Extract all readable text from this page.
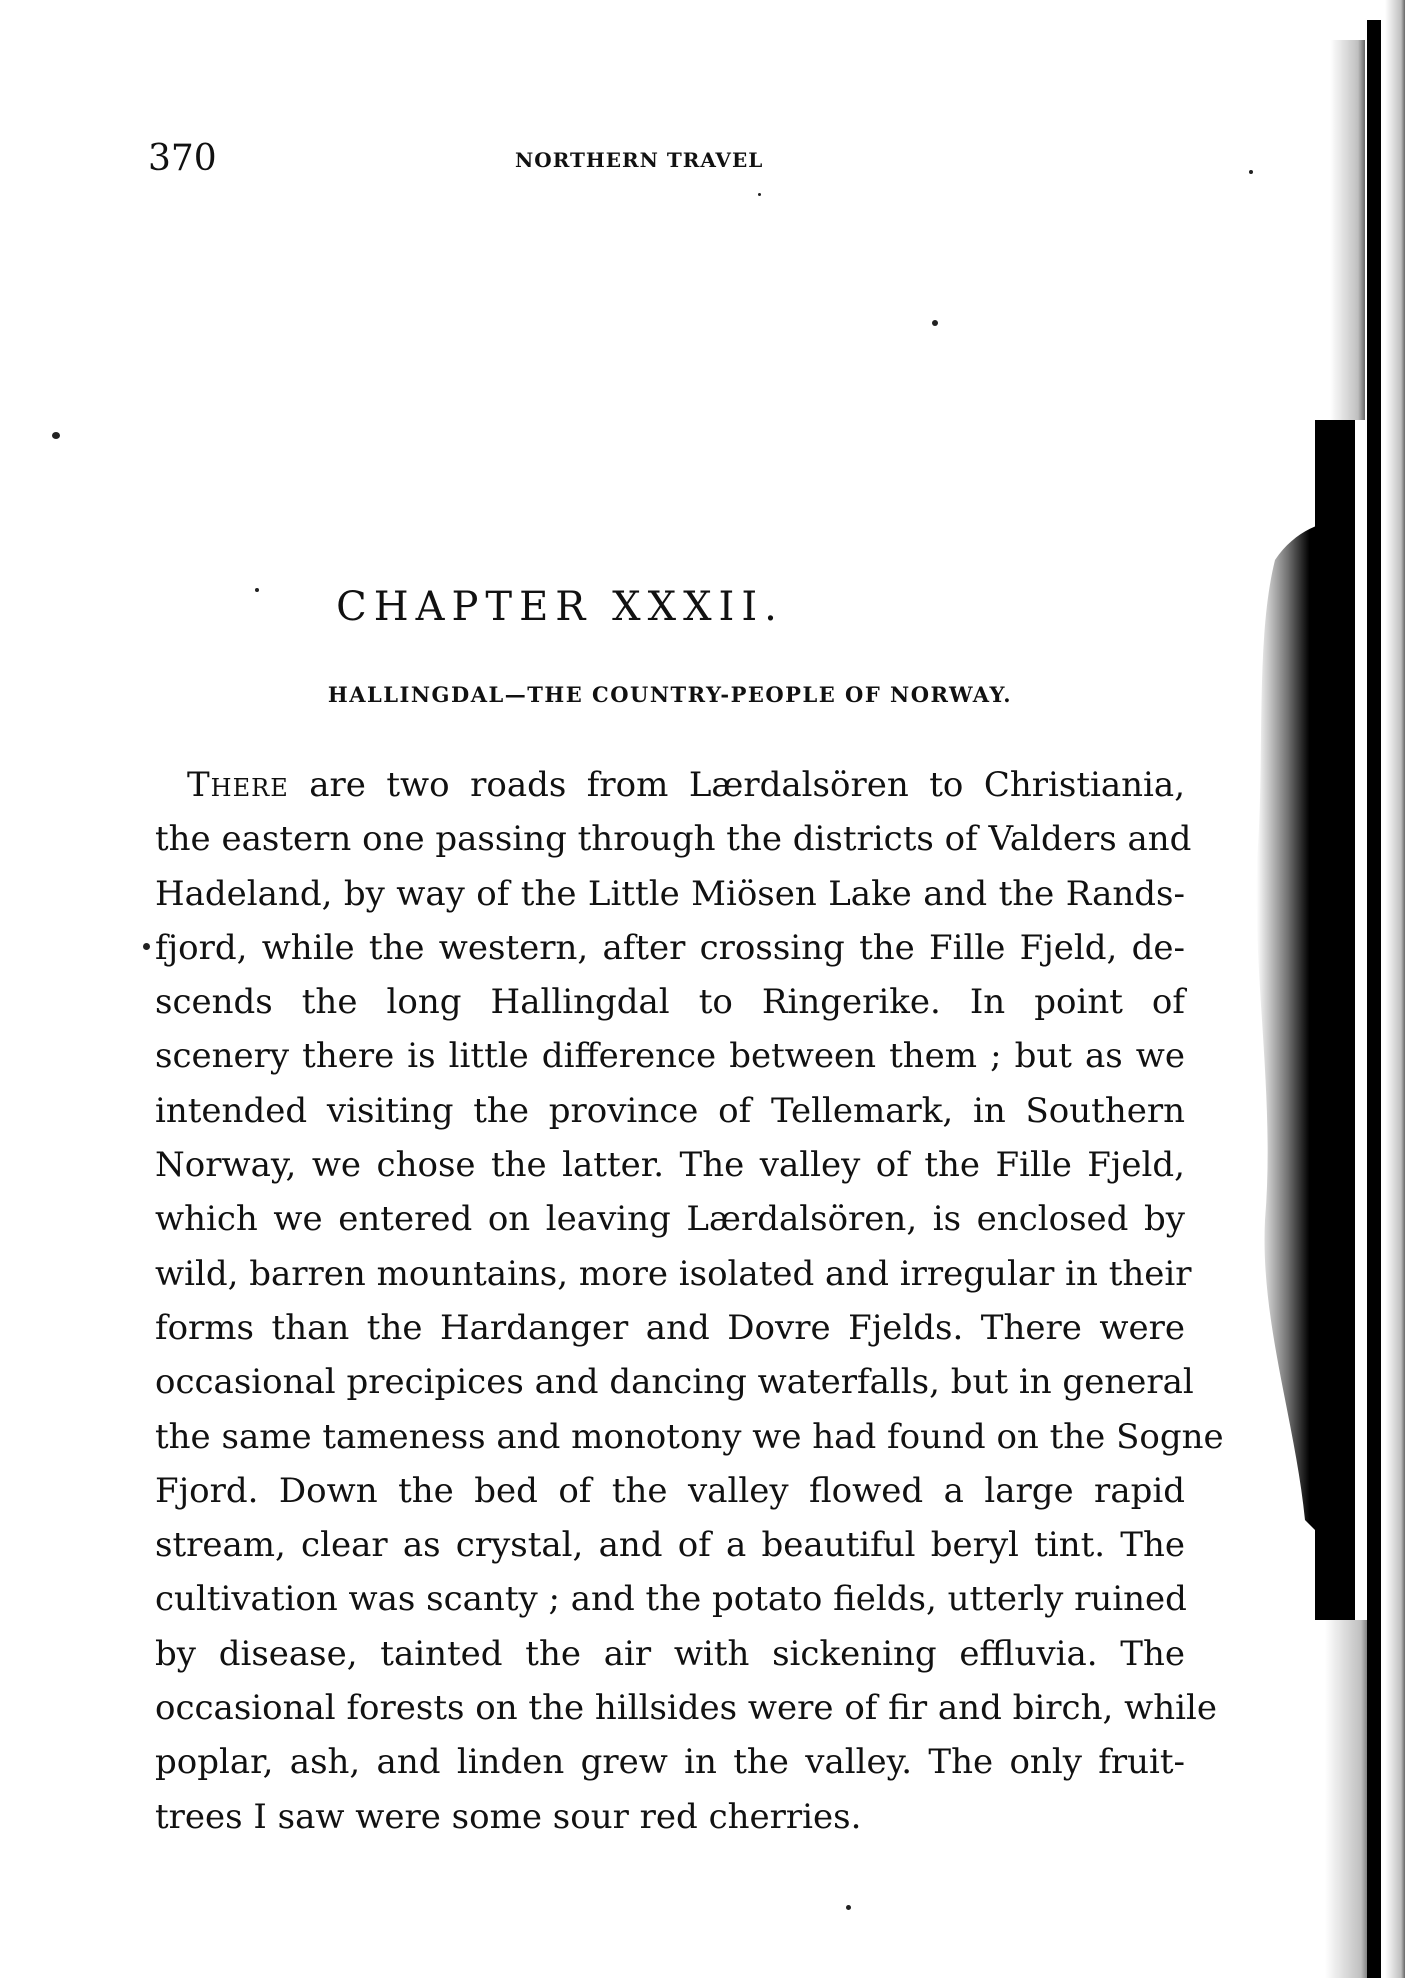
370	NORTHERN TRAVEL
CHAPTER XXXII.
HALLINGDAL—THE COUNTRY-PEOPLE OF NORWAY.
There are two roads from Lærdalsören to Christiania,
the eastern one passing through the districts of Valders and
Hadeland, by way of the Little Miösen Lake and the Rands-
fjord, while the western, after crossing the Fille Fjeld, de-
scends the long Hallingdal to Ringerike. In point of
scenery there is little difference between them ; but as we
intended visiting the province of Tellemark, in Southern
Norway, we chose the latter. The valley of the Fille Fjeld,
which we entered on leaving Lærdalsören, is enclosed by
wild, barren mountains, more isolated and irregular in their
forms than the Hardanger and Dovre Fjelds. There were
occasional precipices and dancing waterfalls, but in general
the same tameness and monotony we had found on the Sogne
Fjord. Down the bed of the valley flowed a large rapid
stream, clear as crystal, and of a beautiful beryl tint. The
cultivation was scanty ; and the potato fields, utterly ruined
by disease, tainted the air with sickening effluvia. The
occasional forests on the hillsides were of fir and birch, while
poplar, ash, and linden grew in the valley. The only fruit-
trees I saw were some sour red cherries.
